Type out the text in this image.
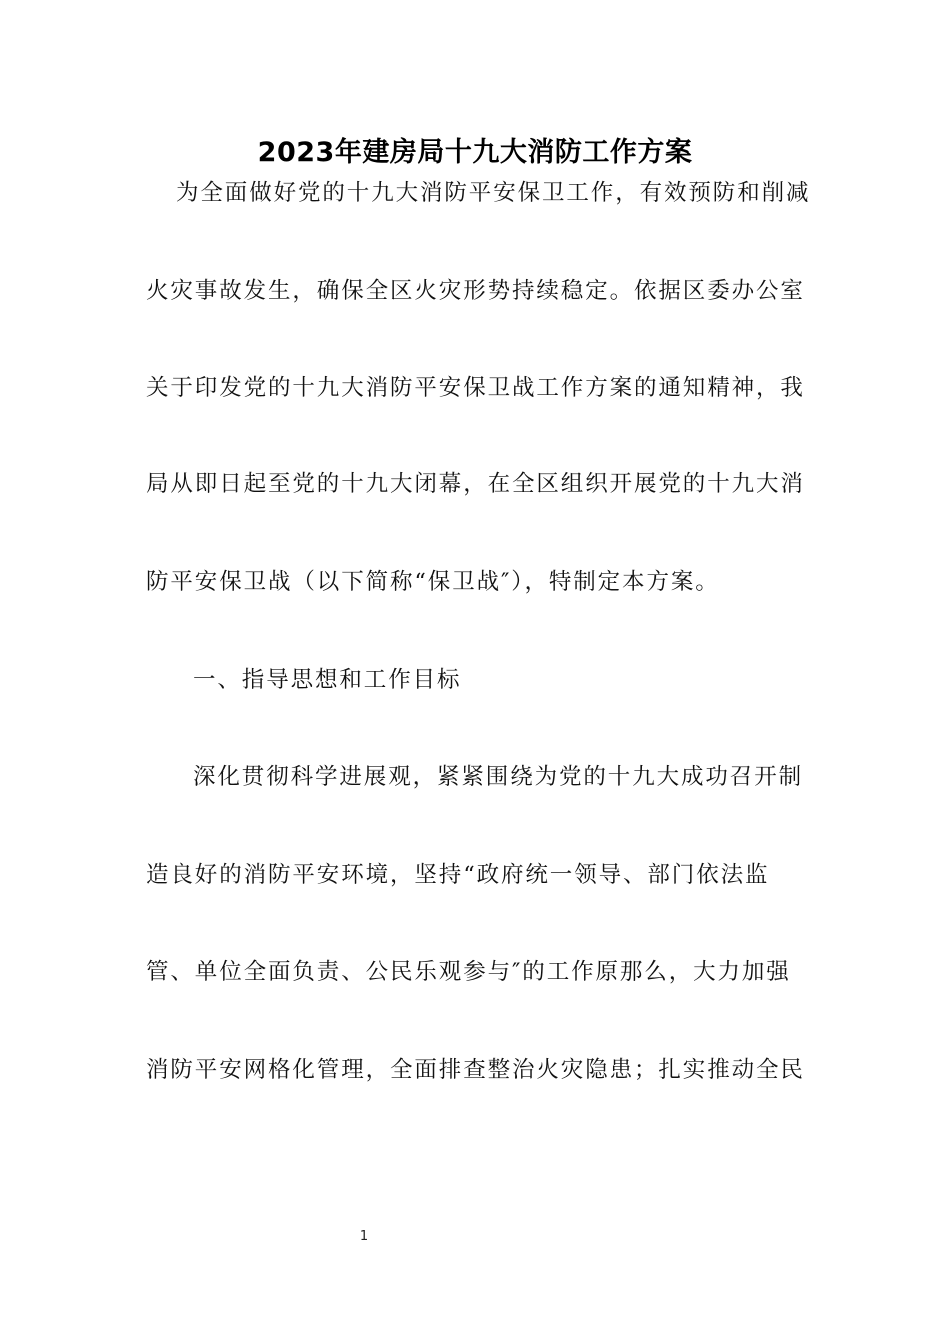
2023年建房局十九大消防工作方案
为全面做好党的十九大消防平安保卫工作，有效预防和削减
火灾事故发生，确保全区火灾形势持续稳定。依据区委办公室
关于印发党的十九大消防平安保卫战工作方案的通知精神，我
局从即日起至党的十九大闭幕，在全区组织开展党的十九大消
防平安保卫战（以下简称“保卫战″），特制定本方案。
一、指导思想和工作目标
深化贯彻科学进展观，紧紧围绕为党的十九大成功召开制
造良好的消防平安环境，坚持“政府统一领导、部门依法监
管、单位全面负责、公民乐观参与″的工作原那么，大力加强
消防平安网格化管理，全面排查整治火灾隐患；扎实推动全民
1
